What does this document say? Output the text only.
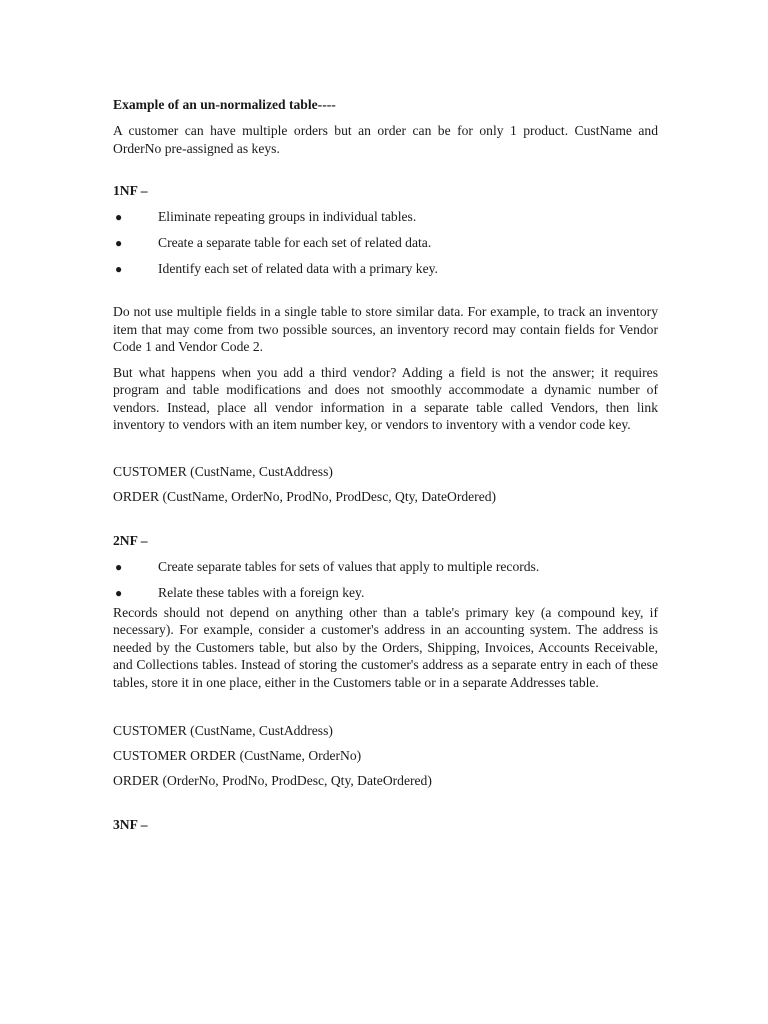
Example of an un-normalized table----

A customer can have multiple orders but an order can be for only 1 product. CustName and OrderNo pre-assigned as keys.

1NF –

●	Eliminate repeating groups in individual tables.
●	Create a separate table for each set of related data.
●	Identify each set of related data with a primary key.

Do not use multiple fields in a single table to store similar data. For example, to track an inventory item that may come from two possible sources, an inventory record may contain fields for Vendor Code 1 and Vendor Code 2.

But what happens when you add a third vendor? Adding a field is not the answer; it requires program and table modifications and does not smoothly accommodate a dynamic number of vendors. Instead, place all vendor information in a separate table called Vendors, then link inventory to vendors with an item number key, or vendors to inventory with a vendor code key.

CUSTOMER (CustName, CustAddress)
ORDER (CustName, OrderNo, ProdNo, ProdDesc, Qty, DateOrdered)

2NF –

●	Create separate tables for sets of values that apply to multiple records.
●	Relate these tables with a foreign key.

Records should not depend on anything other than a table's primary key (a compound key, if necessary). For example, consider a customer's address in an accounting system. The address is needed by the Customers table, but also by the Orders, Shipping, Invoices, Accounts Receivable, and Collections tables. Instead of storing the customer's address as a separate entry in each of these tables, store it in one place, either in the Customers table or in a separate Addresses table.

CUSTOMER (CustName, CustAddress)
CUSTOMER ORDER (CustName, OrderNo)
ORDER (OrderNo, ProdNo, ProdDesc, Qty, DateOrdered)

3NF –
